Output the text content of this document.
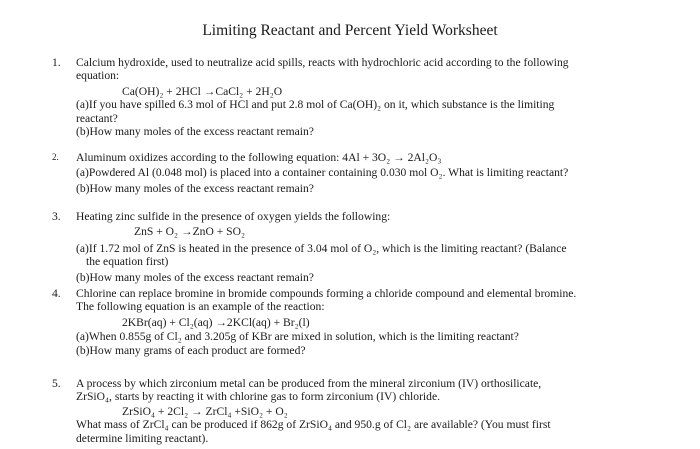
Limiting Reactant and Percent Yield Worksheet
1.	Calcium hydroxide, used to neutralize acid spills, reacts with hydrochloric acid according to the following
equation:
Ca(OH)₂ + 2HCl →CaCl₂ + 2H₂O
(a)If you have spilled 6.3 mol of HCl and put 2.8 mol of Ca(OH)₂ on it, which substance is the limiting
reactant?
(b)How many moles of the excess reactant remain?
2.	Aluminum oxidizes according to the following equation: 4Al + 3O₂ → 2Al₂O₃
(a)Powdered Al (0.048 mol) is placed into a container containing 0.030 mol O₂. What is limiting reactant?
(b)How many moles of the excess reactant remain?
3.	Heating zinc sulfide in the presence of oxygen yields the following:
ZnS + O₂ →ZnO + SO₂
(a)If 1.72 mol of ZnS is heated in the presence of 3.04 mol of O₂, which is the limiting reactant? (Balance
the equation first)
(b)How many moles of the excess reactant remain?
4.	Chlorine can replace bromine in bromide compounds forming a chloride compound and elemental bromine.
The following equation is an example of the reaction:
2KBr(aq) + Cl₂(aq) →2KCl(aq) + Br₂(l)
(a)When 0.855g of Cl₂ and 3.205g of KBr are mixed in solution, which is the limiting reactant?
(b)How many grams of each product are formed?
5.	A process by which zirconium metal can be produced from the mineral zirconium (IV) orthosilicate,
ZrSiO₄, starts by reacting it with chlorine gas to form zirconium (IV) chloride.
ZrSiO₄ + 2Cl₂ → ZrCl₄ +SiO₂ + O₂
What mass of ZrCl₄ can be produced if 862g of ZrSiO₄ and 950.g of Cl₂ are available? (You must first
determine limiting reactant).
